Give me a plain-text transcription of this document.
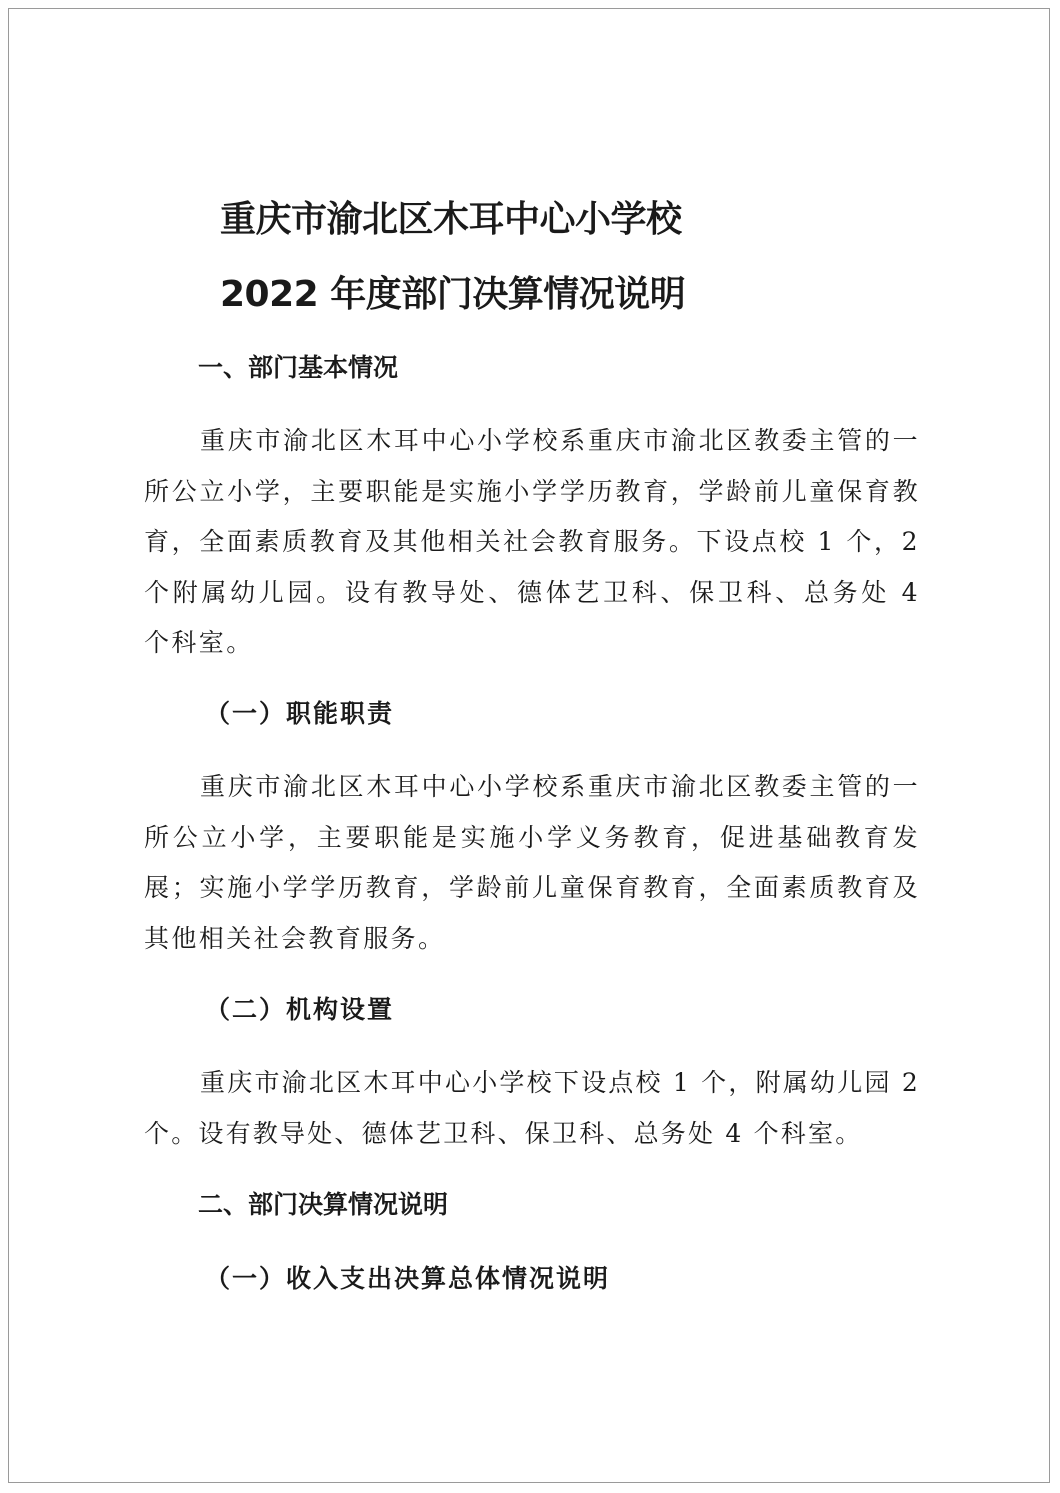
重庆市渝北区木耳中心小学校
2022 年度部门决算情况说明
一、部门基本情况

重庆市渝北区木耳中心小学校系重庆市渝北区教委主管的一所公立小学，主要职能是实施小学学历教育，学龄前儿童保育教育，全面素质教育及其他相关社会教育服务。下设点校 1 个，2 个附属幼儿园。设有教导处、德体艺卫科、保卫科、总务处 4 个科室。

（一）职能职责

重庆市渝北区木耳中心小学校系重庆市渝北区教委主管的一所公立小学，主要职能是实施小学义务教育，促进基础教育发展；实施小学学历教育，学龄前儿童保育教育，全面素质教育及其他相关社会教育服务。

（二）机构设置

重庆市渝北区木耳中心小学校下设点校 1 个，附属幼儿园 2 个。设有教导处、德体艺卫科、保卫科、总务处 4 个科室。

二、部门决算情况说明
（一）收入支出决算总体情况说明
